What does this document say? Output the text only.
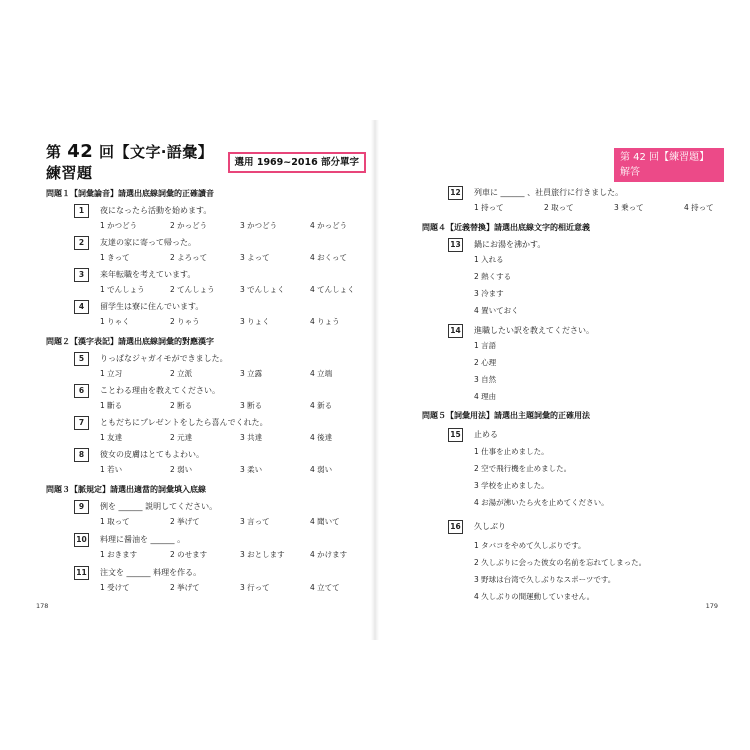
第 42 回【文字‧語彙】練習題
選用 1969~2016 部分單字
問題１【詞彙論音】請選出底線詞彙的正確讀音
1	夜になったら活動を始めます。
1 かつどう	2 かっどう	3 かつどう	4 かっどう
2	友達の家に寄って帰った。
1 きって	2 よろって	3 よって	4 おくって
3	来年転職を考えています。
1 でんしょう	2 てんしょう	3 でんしょく	4 てんしょく
4	留学生は寮に住んでいます。
1 りゃく	2 りゃう	3 りょく	4 りょう
問題２【漢字表記】請選出底線詞彙的對應漢字
5	りっぱなジャガイモができました。
1 立习	2 立派	3 立露	4 立端
6	ことわる理由を教えてください。
1 斷る	2 断る	3 断る	4 新る
7	ともだちにプレゼントをしたら喜んでくれた。
1 友達	2 元達	3 共達	4 後達
8	彼女の皮膚はとてもよわい。
1 若い	2 弱い	3 柔い	4 弱い
問題３【脈規定】請選出適當的詞彙填入底線
9	例を ______ 説明してください。
1 取って	2 挙げて	3 言って	4 聞いて
10 料理に醤油を ______ 。
1 おきます	2 のせます	3 おとします	4 かけます
11 注文を ______ 料理を作る。
1 受けて	2 挙げて	3 行って	4 立てて
178
第 42 回【練習題】解答
p 264
12 列車に ______ 、社員旅行に行きました。
1 持って	2 取って	3 乗って	4 持って
問題４【近義替換】請選出底線文字的相近意義
13 鍋にお湯を沸かす。
1 入れる
2 熱くする
3 冷ます
4 置いておく
14 進職したい訳を教えてください。
1 言語
2 心理
3 自然
4 理由
問題５【詞彙用法】請選出主題詞彙的正確用法
15 止める
1 仕事を止めました。
2 空で飛行機を止めました。
3 学校を止めました。
4 お湯が沸いたら火を止めてください。
16 久しぶり
1 タバコをやめて久しぶりです。
2 久しぶりに会った彼女の名前を忘れてしまった。
3 野球は台湾で久しぶりなスポーツです。
4 久しぶりの間運動していません。
179
